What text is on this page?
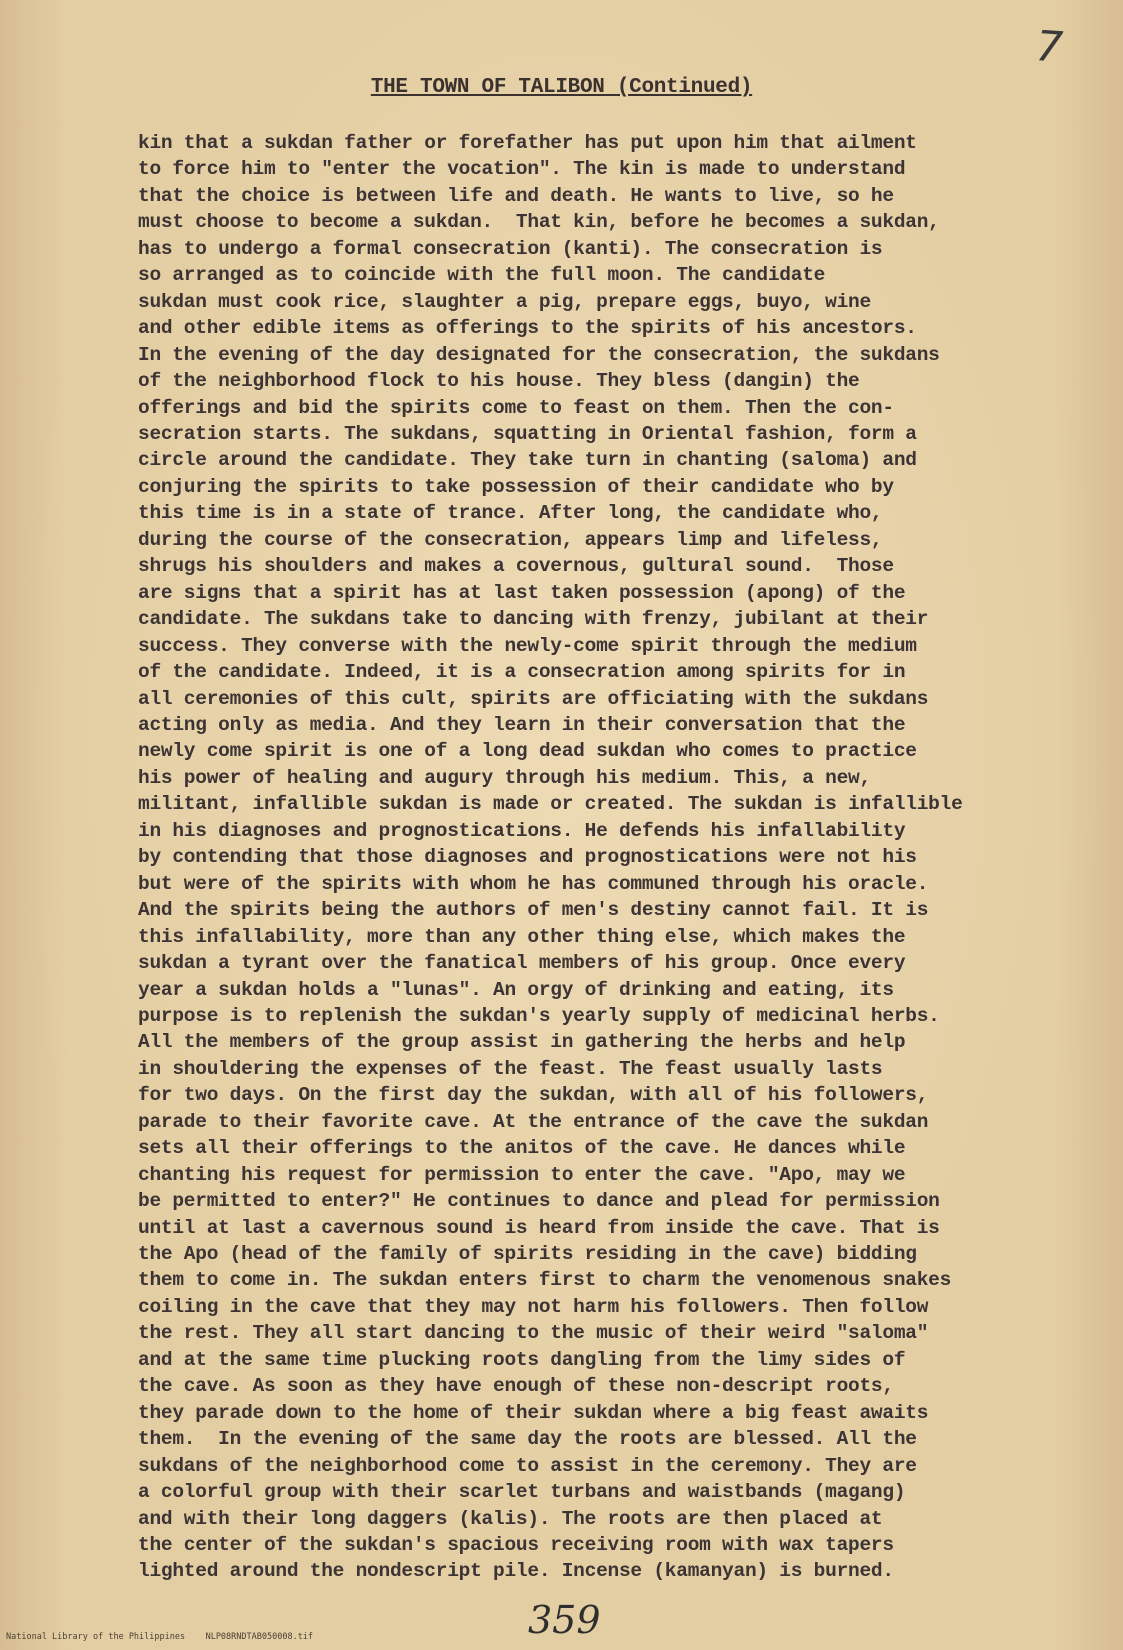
7
THE TOWN OF TALIBON (Continued)
kin that a sukdan father or forefather has put upon him that ailment
to force him to "enter the vocation". The kin is made to understand
that the choice is between life and death. He wants to live, so he
must choose to become a sukdan.  That kin, before he becomes a sukdan,
has to undergo a formal consecration (kanti). The consecration is
so arranged as to coincide with the full moon. The candidate
sukdan must cook rice, slaughter a pig, prepare eggs, buyo, wine
and other edible items as offerings to the spirits of his ancestors.
In the evening of the day designated for the consecration, the sukdans
of the neighborhood flock to his house. They bless (dangin) the
offerings and bid the spirits come to feast on them. Then the con-
secration starts. The sukdans, squatting in Oriental fashion, form a
circle around the candidate. They take turn in chanting (saloma) and
conjuring the spirits to take possession of their candidate who by
this time is in a state of trance. After long, the candidate who,
during the course of the consecration, appears limp and lifeless,
shrugs his shoulders and makes a covernous, gultural sound.  Those
are signs that a spirit has at last taken possession (apong) of the
candidate. The sukdans take to dancing with frenzy, jubilant at their
success. They converse with the newly-come spirit through the medium
of the candidate. Indeed, it is a consecration among spirits for in
all ceremonies of this cult, spirits are officiating with the sukdans
acting only as media. And they learn in their conversation that the
newly come spirit is one of a long dead sukdan who comes to practice
his power of healing and augury through his medium. This, a new,
militant, infallible sukdan is made or created. The sukdan is infallible
in his diagnoses and prognostications. He defends his infallability
by contending that those diagnoses and prognostications were not his
but were of the spirits with whom he has communed through his oracle.
And the spirits being the authors of men's destiny cannot fail. It is
this infallability, more than any other thing else, which makes the
sukdan a tyrant over the fanatical members of his group. Once every
year a sukdan holds a "lunas". An orgy of drinking and eating, its
purpose is to replenish the sukdan's yearly supply of medicinal herbs.
All the members of the group assist in gathering the herbs and help
in shouldering the expenses of the feast. The feast usually lasts
for two days. On the first day the sukdan, with all of his followers,
parade to their favorite cave. At the entrance of the cave the sukdan
sets all their offerings to the anitos of the cave. He dances while
chanting his request for permission to enter the cave. "Apo, may we
be permitted to enter?" He continues to dance and plead for permission
until at last a cavernous sound is heard from inside the cave. That is
the Apo (head of the family of spirits residing in the cave) bidding
them to come in. The sukdan enters first to charm the venomenous snakes
coiling in the cave that they may not harm his followers. Then follow
the rest. They all start dancing to the music of their weird "saloma"
and at the same time plucking roots dangling from the limy sides of
the cave. As soon as they have enough of these non-descript roots,
they parade down to the home of their sukdan where a big feast awaits
them.  In the evening of the same day the roots are blessed. All the
sukdans of the neighborhood come to assist in the ceremony. They are
a colorful group with their scarlet turbans and waistbands (magang)
and with their long daggers (kalis). The roots are then placed at
the center of the sukdan's spacious receiving room with wax tapers
lighted around the nondescript pile. Incense (kamanyan) is burned.
359
National Library of the Philippines    NLP08RNDTAB050008.tif
